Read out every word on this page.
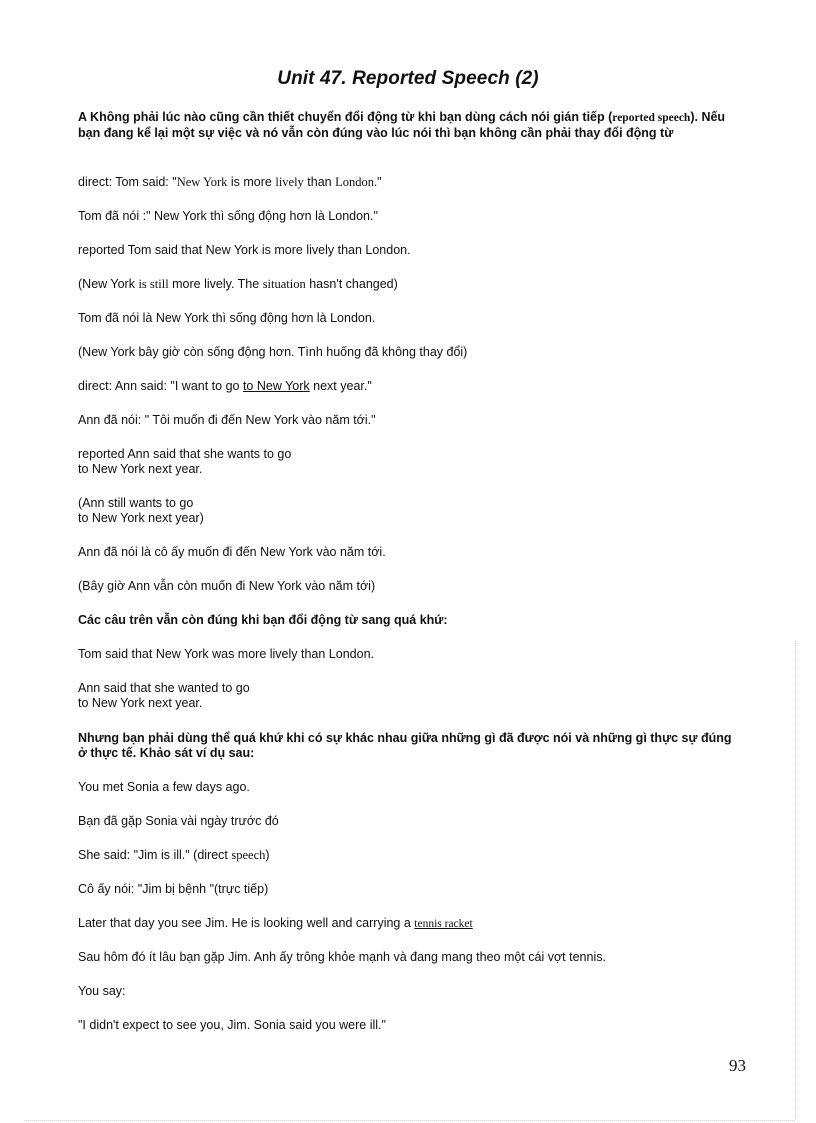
Unit 47. Reported Speech (2)
A Không phải lúc nào cũng cần thiết chuyển đổi động từ khi bạn dùng cách nói gián tiếp (reported speech). Nếu bạn đang kể lại một sự việc và nó vẫn còn đúng vào lúc nói thì bạn không cần phải thay đổi động từ
direct: Tom said: "New York is more lively than London."
Tom đã nói :" New York thì sống động hơn là London."
reported Tom said that New York is more lively than London.
(New York is still more lively. The situation hasn't changed)
Tom đã nói là New York thì sống động hơn là London.
(New York bây giờ còn sống động hơn. Tình huống đã không thay đổi)
direct: Ann said: "I want to go to New York next year."
Ann đã nói: " Tôi muốn đi đến New York vào năm tới."
reported Ann said that she wants to go
to New York next year.
(Ann still wants to go
to New York next year)
Ann đã nói là cô ấy muốn đi đến New York vào năm tới.
(Bây giờ Ann vẫn còn muốn đi New York vào năm tới)
Các câu trên vẫn còn đúng khi bạn đổi động từ sang quá khứ:
Tom said that New York was more lively than London.
Ann said that she wanted to go
to New York next year.
Nhưng bạn phải dùng thể quá khứ khi có sự khác nhau giữa những gì đã được nói và những gì thực sự đúng ở thực tế. Khảo sát ví dụ sau:
You met Sonia a few days ago.
Bạn đã gặp Sonia vài ngày trước đó
She said: "Jim is ill." (direct speech)
Cô ấy nói: "Jim bị bệnh "(trực tiếp)
Later that day you see Jim. He is looking well and carrying a tennis racket
Sau hôm đó ít lâu bạn gặp Jim. Anh ấy trông khỏe mạnh và đang mang theo một cái vợt tennis.
You say:
"I didn't expect to see you, Jim. Sonia said you were ill."
93
